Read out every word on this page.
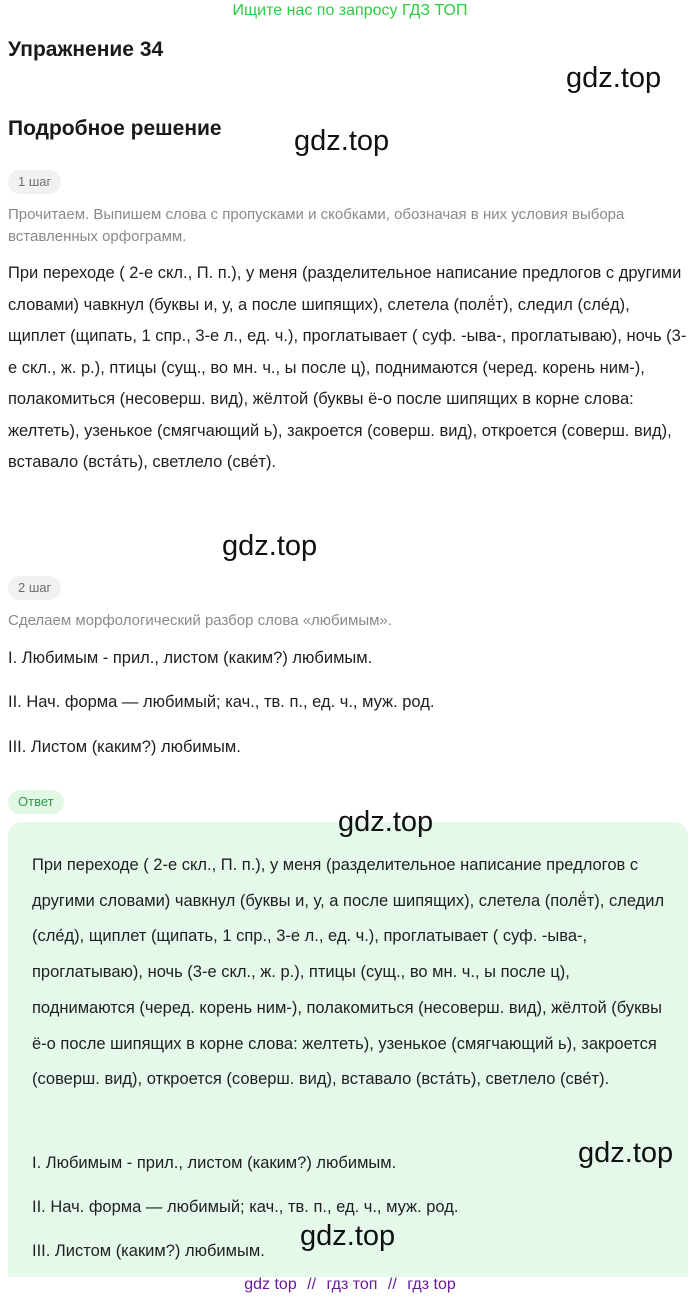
Ищите нас по запросу ГДЗ ТОП
Упражнение 34
gdz.top
Подробное решение gdz.top
1 шаг

Прочитаем. Выпишем слова с пропусками и скобками, обозначая в них условия выбора вставленных орфограмм.

При переходе ( 2-е скл., П. п.), у меня (разделительное написание предлогов с другими словами) чавкнул (буквы и, у, а после шипящих), слетела (полё́т), следил (сле́д), щиплет (щипать, 1 спр., 3-е л., ед. ч.), проглатывает ( суф. -ыва-, проглатываю), ночь (3-е скл., ж. р.), птицы (сущ., во мн. ч., ы после ц), поднимаются (черед. корень ним-), полакомиться (несоверш. вид), жёлтой (буквы ё-о после шипящих в корне слова: желтеть), узенькое (смягчающий ь), закроется (соверш. вид), откроется (соверш. вид), вставало (вста́ть), светлело (све́т).

gdz.top
2 шаг

Сделаем морфологический разбор слова «любимым».

I. Любимым - прил., листом (каким?) любимым.

II. Нач. форма — любимый; кач., тв. п., ед. ч., муж. род.

III. Листом (каким?) любимым.

Ответ
gdz.top

При переходе ( 2-е скл., П. п.), у меня (разделительное написание предлогов с другими словами) чавкнул (буквы и, у, а после шипящих), слетела (полё́т), следил (сле́д), щиплет (щипать, 1 спр., 3-е л., ед. ч.), проглатывает ( суф. -ыва-, проглатываю), ночь (3-е скл., ж. р.), птицы (сущ., во мн. ч., ы после ц), поднимаются (черед. корень ним-), полакомиться (несоверш. вид), жёлтой (буквы ё-о после шипящих в корне слова: желтеть), узенькое (смягчающий ь), закроется (соверш. вид), откроется (соверш. вид), вставало (вста́ть), светлело (све́т).

I. Любимым - прил., листом (каким?) любимым.	gdz.top

II. Нач. форма — любимый; кач., тв. п., ед. ч., муж. род.

III. Листом (каким?) любимым. gdz.top
gdz top // гдз топ // гдз top
